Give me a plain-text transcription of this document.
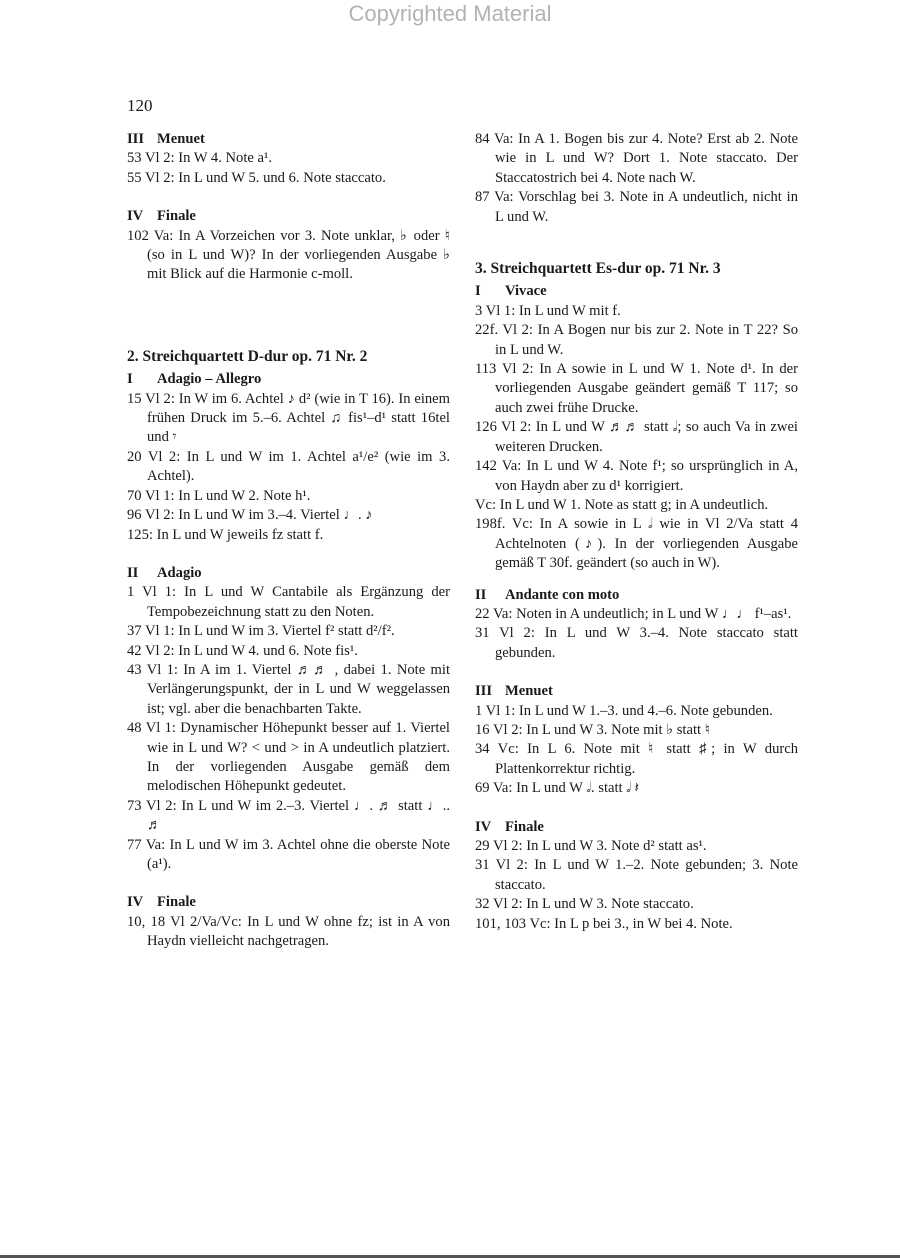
Copyrighted Material
120

III Menuet

53 Vl 2: In W 4. Note a¹.

55 Vl 2: In L und W 5. und 6. Note staccato.

IV Finale

102 Va: In A Vorzeichen vor 3. Note unklar, ♭ oder ♮ (so in L und W)? In der vorliegenden Ausgabe ♭ mit Blick auf die Harmonie c-moll.

2. Streichquartett D-dur op. 71 Nr. 2

I Adagio – Allegro

15 Vl 2: In W im 6. Achtel ♪ d² (wie in T 16). In einem frühen Druck im 5.–6. Achtel ♫ fis¹–d¹ statt 16tel und 𝄾

20 Vl 2: In L und W im 1. Achtel a¹/e² (wie im 3. Achtel).

70 Vl 1: In L und W 2. Note h¹.

96 Vl 2: In L und W im 3.–4. Viertel ♩. ♪

125: In L und W jeweils fz statt f.

II Adagio

1 Vl 1: In L und W Cantabile als Ergänzung der Tempobezeichnung statt zu den Noten.

37 Vl 1: In L und W im 3. Viertel f² statt d²/f².

42 Vl 2: In L und W 4. und 6. Note fis¹.

43 Vl 1: In A im 1. Viertel ♬♬ , dabei 1. Note mit Verlängerungspunkt, der in L und W weggelassen ist; vgl. aber die benachbarten Takte.

48 Vl 1: Dynamischer Höhepunkt besser auf 1. Viertel wie in L und W? < und > in A undeutlich platziert. In der vorliegenden Ausgabe gemäß dem melodischen Höhepunkt gedeutet.

73 Vl 2: In L und W im 2.–3. Viertel ♩. ♬ statt ♩.. ♬

77 Va: In L und W im 3. Achtel ohne die oberste Note (a¹).

IV Finale

10, 18 Vl 2/Va/Vc: In L und W ohne fz; ist in A von Haydn vielleicht nachgetragen.

84 Va: In A 1. Bogen bis zur 4. Note? Erst ab 2. Note wie in L und W? Dort 1. Note staccato. Der Staccatostrich bei 4. Note nach W.

87 Va: Vorschlag bei 3. Note in A undeutlich, nicht in L und W.

3. Streichquartett Es-dur op. 71 Nr. 3

I Vivace

3 Vl 1: In L und W mit f.

22f. Vl 2: In A Bogen nur bis zur 2. Note in T 22? So in L und W.

113 Vl 2: In A sowie in L und W 1. Note d¹. In der vorliegenden Ausgabe geändert gemäß T 117; so auch zwei frühe Drucke.

126 Vl 2: In L und W ♬♬ statt 𝅗𝅥; so auch Va in zwei weiteren Drucken.

142 Va: In L und W 4. Note f¹; so ursprünglich in A, von Haydn aber zu d¹ korrigiert.

Vc: In L und W 1. Note as statt g; in A undeutlich.

198f. Vc: In A sowie in L 𝅗𝅥 wie in Vl 2/Va statt 4 Achtelnoten (♪). In der vorliegenden Ausgabe gemäß T 30f. geändert (so auch in W).

II Andante con moto

22 Va: Noten in A undeutlich; in L und W ♩♩ f¹–as¹.

31 Vl 2: In L und W 3.–4. Note staccato statt gebunden.

III Menuet

1 Vl 1: In L und W 1.–3. und 4.–6. Note gebunden.

16 Vl 2: In L und W 3. Note mit ♭ statt ♮

34 Vc: In L 6. Note mit ♮ statt ♯; in W durch Plattenkorrektur richtig.

69 Va: In L und W 𝅗𝅥. statt 𝅗𝅥 𝄽

IV Finale

29 Vl 2: In L und W 3. Note d² statt as¹.

31 Vl 2: In L und W 1.–2. Note gebunden; 3. Note staccato.

32 Vl 2: In L und W 3. Note staccato.

101, 103 Vc: In L p bei 3., in W bei 4. Note.
